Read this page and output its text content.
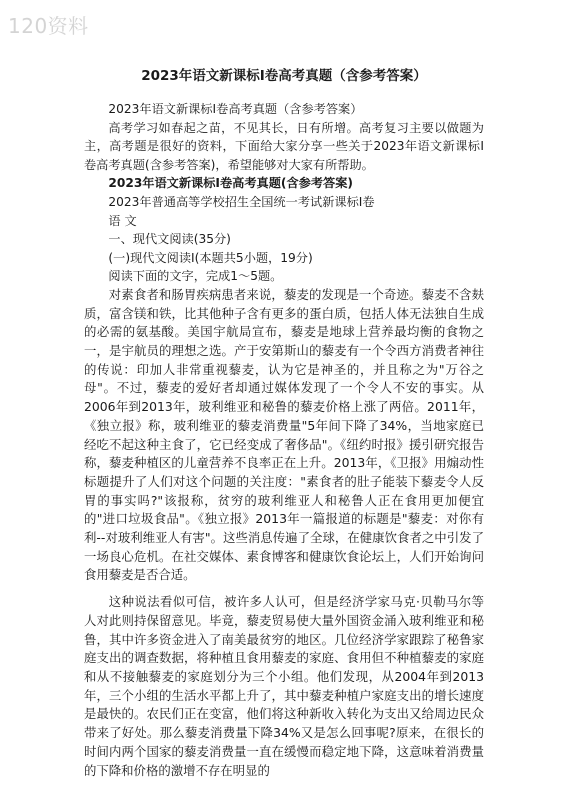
120资料
2023年语文新课标Ⅰ卷高考真题（含参考答案）

2023年语文新课标Ⅰ卷高考真题（含参考答案）

高考学习如春起之苗，不见其长，日有所增。高考复习主要以做题为主，高考题是很好的资料，下面给大家分享一些关于2023年语文新课标Ⅰ卷高考真题(含参考答案)，希望能够对大家有所帮助。

2023年语文新课标Ⅰ卷高考真题(含参考答案)

2023年普通高等学校招生全国统一考试新课标Ⅰ卷

语 文

一、现代文阅读(35分)

(一)现代文阅读Ⅰ(本题共5小题，19分)

阅读下面的文字，完成1～5题。

对素食者和肠胃疾病患者来说，藜麦的发现是一个奇迹。藜麦不含麸质，富含镁和铁，比其他种子含有更多的蛋白质，包括人体无法独自生成的必需的氨基酸。美国宇航局宣布，藜麦是地球上营养最均衡的食物之一，是宇航员的理想之选。产于安第斯山的藜麦有一个令西方消费者神往的传说：印加人非常重视藜麦，认为它是神圣的，并且称之为"万谷之母"。不过，藜麦的爱好者却通过媒体发现了一个令人不安的事实。从2006年到2013年，玻利维亚和秘鲁的藜麦价格上涨了两倍。2011年，《独立报》称，玻利维亚的藜麦消费量"5年间下降了34%，当地家庭已经吃不起这种主食了，它已经变成了奢侈品"。《纽约时报》援引研究报告称，藜麦种植区的儿童营养不良率正在上升。2013年，《卫报》用煽动性标题提升了人们对这个问题的关注度："素食者的肚子能装下藜麦令人反胃的事实吗?"该报称，贫穷的玻利维亚人和秘鲁人正在食用更加便宜的"进口垃圾食品"。《独立报》2013年一篇报道的标题是"藜麦：对你有利--对玻利维亚人有害"。这些消息传遍了全球，在健康饮食者之中引发了一场良心危机。在社交媒体、素食博客和健康饮食论坛上，人们开始询问食用藜麦是否合适。

这种说法看似可信，被许多人认可，但是经济学家马克·贝勒马尔等人对此则持保留意见。毕竟，藜麦贸易使大量外国资金涌入玻利维亚和秘鲁，其中许多资金进入了南美最贫穷的地区。几位经济学家跟踪了秘鲁家庭支出的调查数据，将种植且食用藜麦的家庭、食用但不种植藜麦的家庭和从不接触藜麦的家庭划分为三个小组。他们发现，从2004年到2013年，三个小组的生活水平都上升了，其中藜麦种植户家庭支出的增长速度是最快的。农民们正在变富，他们将这种新收入转化为支出又给周边民众带来了好处。那么藜麦消费量下降34%又是怎么回事呢?原来，在很长的时间内两个国家的藜麦消费量一直在缓慢而稳定地下降，这意味着消费量的下降和价格的激增不存在明显的
